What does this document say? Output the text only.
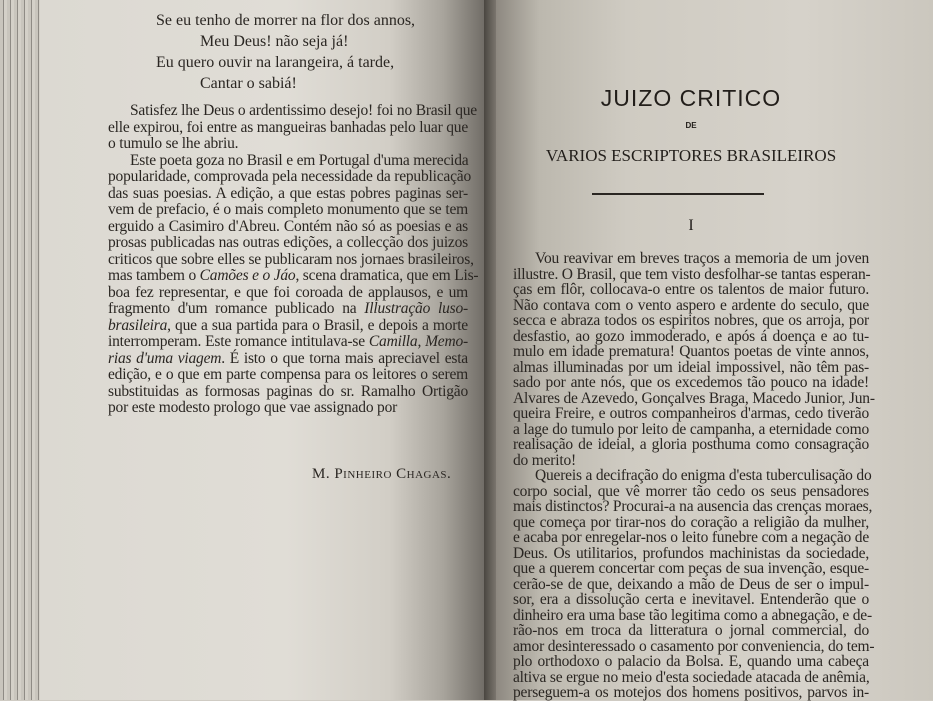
Se eu tenho de morrer na flor dos annos,
Meu Deus! não seja já!
Eu quero ouvir na larangeira, á tarde,
Cantar o sabiá!
Satisfez lhe Deus o ardentissimo desejo! foi no Brasil que
elle expirou, foi entre as mangueiras banhadas pelo luar que
o tumulo se lhe abriu.
Este poeta goza no Brasil e em Portugal d'uma merecida
popularidade, comprovada pela necessidade da republicação
das suas poesias. A edição, a que estas pobres paginas ser-
vem de prefacio, é o mais completo monumento que se tem
erguido a Casimiro d'Abreu. Contém não só as poesias e as
prosas publicadas nas outras edições, a collecção dos juizos
criticos que sobre elles se publicaram nos jornaes brasileiros,
mas tambem o Camões e o Jáo, scena dramatica, que em Lis-
boa fez representar, e que foi coroada de applausos, e um
fragmento d'um romance publicado na Illustração luso-
brasileira, que a sua partida para o Brasil, e depois a morte
interromperam. Este romance intitulava-se Camilla, Memo-
rias d'uma viagem. É isto o que torna mais apreciavel esta
edição, e o que em parte compensa para os leitores o serem
substituidas as formosas paginas do sr. Ramalho Ortigão
por este modesto prologo que vae assignado por
M. Pinheiro Chagas.
JUIZO CRITICO
DE
VARIOS ESCRIPTORES BRASILEIROS
I
Vou reavivar em breves traços a memoria de um joven
illustre. O Brasil, que tem visto desfolhar-se tantas esperan-
ças em flôr, collocava-o entre os talentos de maior futuro.
Não contava com o vento aspero e ardente do seculo, que
secca e abraza todos os espiritos nobres, que os arroja, por
desfastio, ao gozo immoderado, e após á doença e ao tu-
mulo em idade prematura! Quantos poetas de vinte annos,
almas illuminadas por um ideial impossivel, não têm pas-
sado por ante nós, que os excedemos tão pouco na idade!
Alvares de Azevedo, Gonçalves Braga, Macedo Junior, Jun-
queira Freire, e outros companheiros d'armas, cedo tiverão
a lage do tumulo por leito de campanha, a eternidade como
realisação de ideial, a gloria posthuma como consagração
do merito!
Quereis a decifração do enigma d'esta tuberculisação do
corpo social, que vê morrer tão cedo os seus pensadores
mais distinctos? Procurai-a na ausencia das crenças moraes,
que começa por tirar-nos do coração a religião da mulher,
e acaba por enregelar-nos o leito funebre com a negação de
Deus. Os utilitarios, profundos machinistas da sociedade,
que a querem concertar com peças de sua invenção, esque-
cerão-se de que, deixando a mão de Deus de ser o impul-
sor, era a dissolução certa e inevitavel. Entenderão que o
dinheiro era uma base tão legitima como a abnegação, e de-
rão-nos em troca da litteratura o jornal commercial, do
amor desinteressado o casamento por conveniencia, do tem-
plo orthodoxo o palacio da Bolsa. E, quando uma cabeça
altiva se ergue no meio d'esta sociedade atacada de anêmia,
perseguem-a os motejos dos homens positivos, parvos in-
